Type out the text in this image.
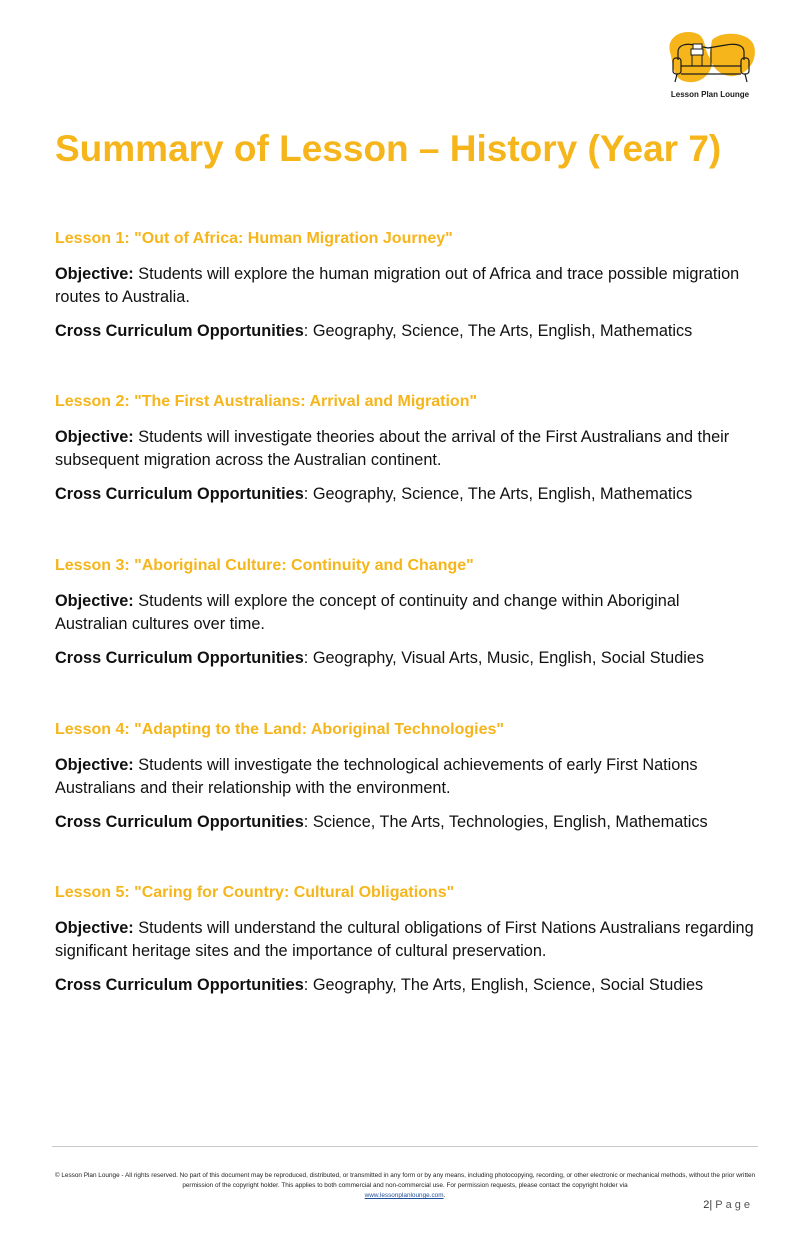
Lesson Plan Lounge
Summary of Lesson – History (Year 7)

Lesson 1: "Out of Africa: Human Migration Journey"

Objective: Students will explore the human migration out of Africa and trace possible migration routes to Australia.

Cross Curriculum Opportunities: Geography, Science, The Arts, English, Mathematics

Lesson 2: "The First Australians: Arrival and Migration"

Objective: Students will investigate theories about the arrival of the First Australians and their subsequent migration across the Australian continent.

Cross Curriculum Opportunities: Geography, Science, The Arts, English, Mathematics

Lesson 3: "Aboriginal Culture: Continuity and Change"

Objective: Students will explore the concept of continuity and change within Aboriginal Australian cultures over time.

Cross Curriculum Opportunities: Geography, Visual Arts, Music, English, Social Studies

Lesson 4: "Adapting to the Land: Aboriginal Technologies"

Objective: Students will investigate the technological achievements of early First Nations Australians and their relationship with the environment.

Cross Curriculum Opportunities: Science, The Arts, Technologies, English, Mathematics

Lesson 5: "Caring for Country: Cultural Obligations"

Objective: Students will understand the cultural obligations of First Nations Australians regarding significant heritage sites and the importance of cultural preservation.

Cross Curriculum Opportunities: Geography, The Arts, English, Science, Social Studies

© Lesson Plan Lounge - All rights reserved. No part of this document may be reproduced, distributed, or transmitted in any form or by any means, including photocopying, recording, or other electronic or mechanical methods, without the prior written permission of the copyright holder. This applies to both commercial and non-commercial use. For permission requests, please contact the copyright holder via
www.lessonplanlounge.com.
2| Page
